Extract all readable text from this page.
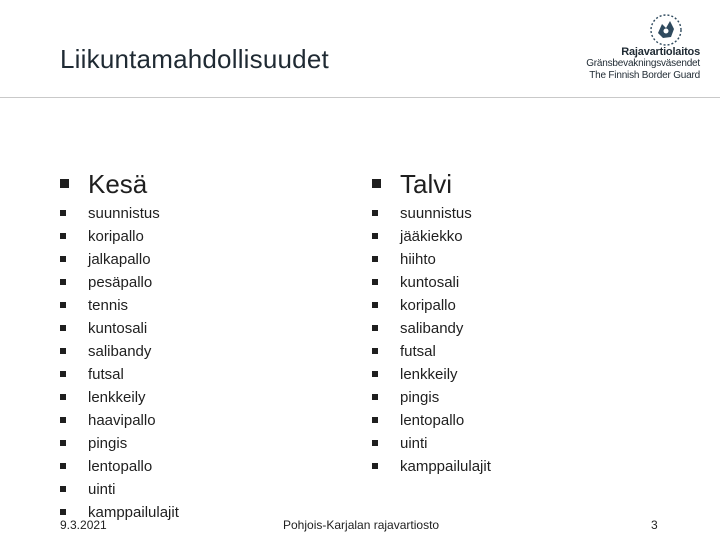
Liikuntamahdollisuudet	Rajavartiolaitos
Gränsbevakningsväsendet
The Finnish Border Guard
Kesä
suunnistus
koripallo
jalkapallo
pesäpallo
tennis
kuntosali
salibandy
futsal
lenkkeily
haavipallo
pingis
lentopallo
uinti
kamppailulajit
Talvi
suunnistus
jääkiekko
hiihto
kuntosali
koripallo
salibandy
futsal
lenkkeily
pingis
lentopallo
uinti
kamppailulajit
9.3.2021	Pohjois-Karjalan rajavartiosto	3
